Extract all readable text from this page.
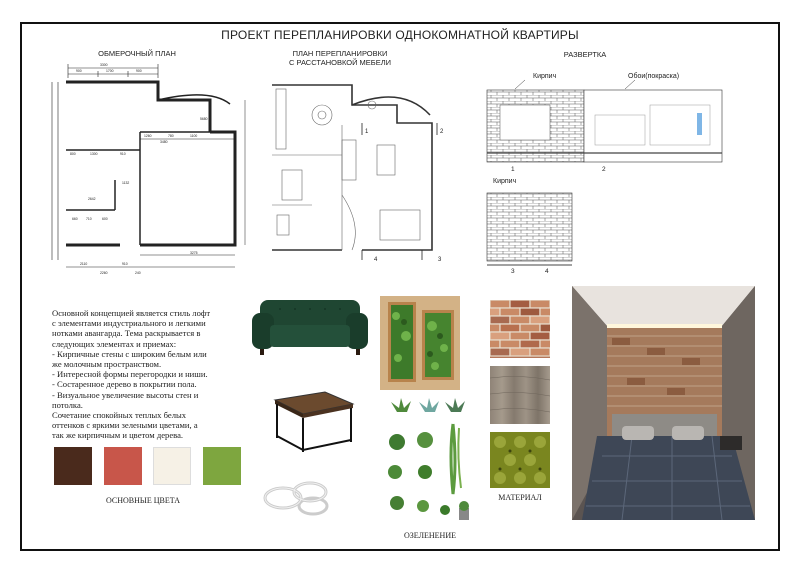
ПРОЕКТ ПЕРЕПЛАНИРОВКИ ОДНОКОМНАТНОЙ КВАРТИРЫ
ОБМЕРОЧНЫЙ ПЛАН
3300
900	1700	900
5680
1260	780	1100
3480
800	1300	910
1132
2642
660 710	600
3275
2110	910
2260	240
ПЛАН ПЕРЕПЛАНИРОВКИ
С РАССТАНОВКОЙ МЕБЕЛИ
1	2
3
4
РАЗВЕРТКА
Кирпич	Обои(покраска)
1	2
Кирпич
3	4
Основной концепцией является стиль лофт
с элементами индустриального и легкими
нотками авангарда. Тема раскрывается в
следующих элементах и приемах:
- Кирпичные стены с широким белым или
же молочным пространством.
- Интересной формы перегородки и ниши.
- Состаренное дерево в покрытии пола.
- Визуальное увеличение высоты стен и
потолка.
Сочетание спокойных теплых белых
оттенков с яркими зелеными цветами, а
так же кирпичным и цветом дерева.
ОСНОВНЫЕ ЦВЕТА
ОЗЕЛЕНЕНИЕ
МАТЕРИАЛ
